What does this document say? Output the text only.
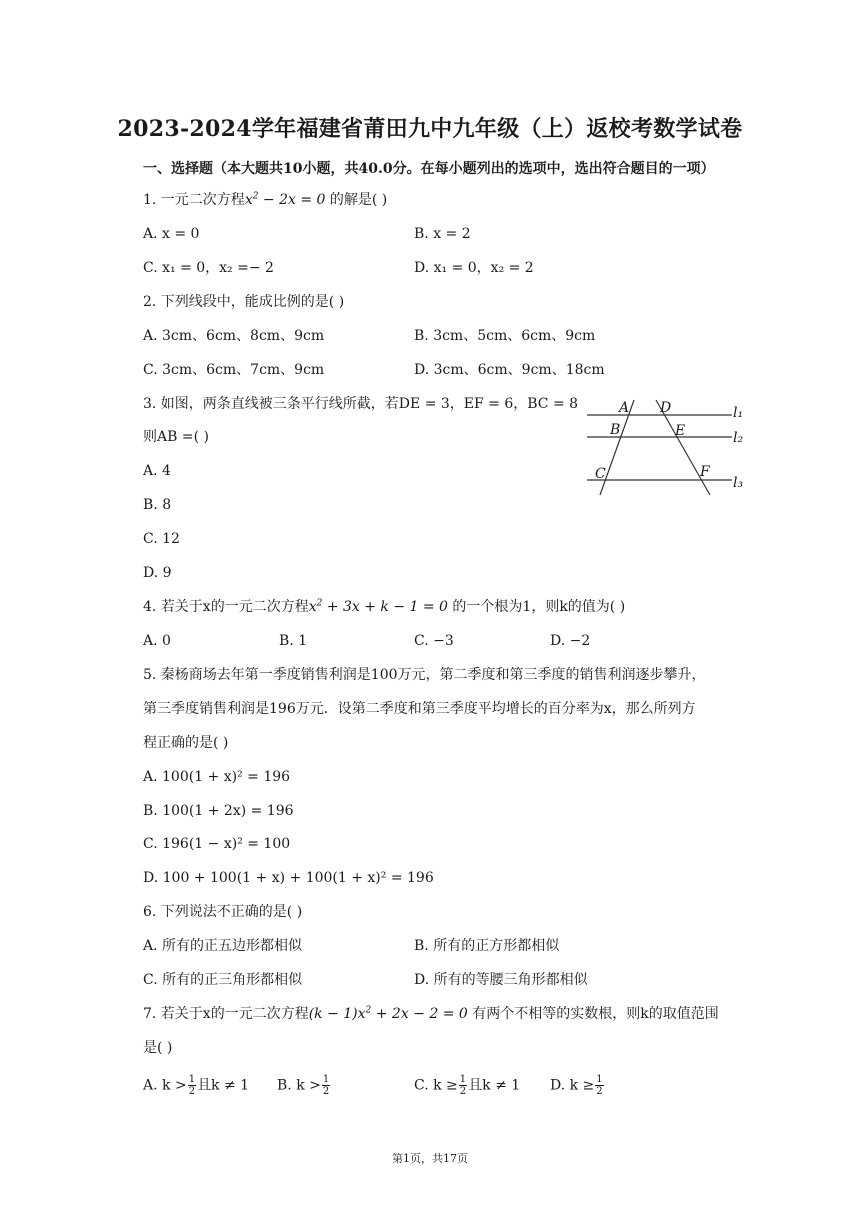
2023-2024学年福建省莆田九中九年级（上）返校考数学试卷
一、选择题（本大题共10小题，共40.0分。在每小题列出的选项中，选出符合题目的一项）
1. 一元二次方程$x^2 - 2x = 0$ 的解是( )
A. x = 0	B. x = 2
C. x₁ = 0，x₂ =− 2	D. x₁ = 0，x₂ = 2
2. 下列线段中，能成比例的是( )
A. 3cm、6cm、8cm、9cm	B. 3cm、5cm、6cm、9cm
C. 3cm、6cm、7cm、9cm	D. 3cm、6cm、9cm、18cm
3. 如图，两条直线被三条平行线所截，若DE = 3，EF = 6，BC = 8
则AB =( )
A. 4
B. 8
C. 12
D. 9
A D
B	E
C	F
l₁
l₂
l₃
4. 若关于x的一元二次方程$x^2 + 3x + k - 1 = 0$ 的一个根为1，则k的值为( )
A. 0	B. 1	C. −3	D. −2
5. 秦杨商场去年第一季度销售利润是100万元，第二季度和第三季度的销售利润逐步攀升，
第三季度销售利润是196万元．设第二季度和第三季度平均增长的百分率为x，那么所列方
程正确的是( )
A. 100(1 + x)² = 196
B. 100(1 + 2x) = 196
C. 196(1 − x)² = 100
D. 100 + 100(1 + x) + 100(1 + x)² = 196
6. 下列说法不正确的是( )
A. 所有的正五边形都相似	B. 所有的正方形都相似
C. 所有的正三角形都相似	D. 所有的等腰三角形都相似
7. 若关于x的一元二次方程$(k - 1)x^2 + 2x - 2 = 0$ 有两个不相等的实数根，则k的取值范围
是( )
A. $k > \frac{1}{2}$ 且k ≠ 1 B. $k > \frac{1}{2}$	C. $k \ge \frac{1}{2}$ 且k ≠ 1 D. $k \ge \frac{1}{2}$
第1页，共17页
